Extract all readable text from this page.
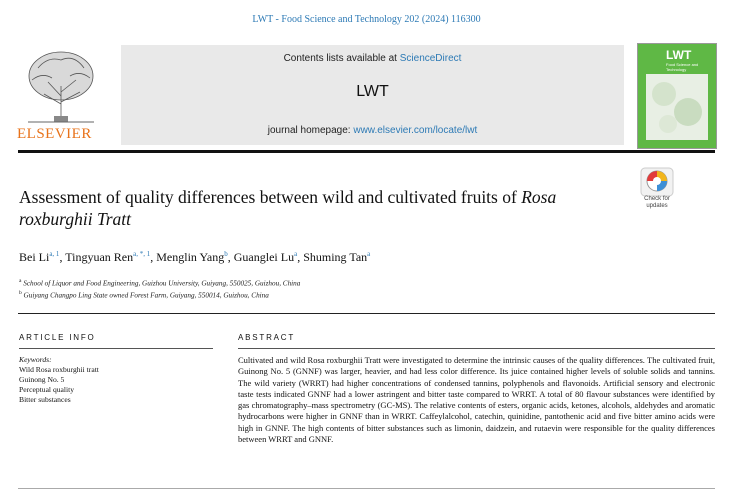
LWT - Food Science and Technology 202 (2024) 116300
ELSEVIER
Contents lists available at ScienceDirect
LWT
journal homepage: www.elsevier.com/locate/lwt
LWT
Food Science and Technology
Assessment of quality differences between wild and cultivated fruits of Rosa roxburghii Tratt
Check for
updates
Bei Li$^{a, 1}$, Tingyuan Ren$^{a, *, 1}$, Menglin Yang$^b$, Guanglei Lu$^a$, Shuming Tan$^a$
$^a$ School of Liquor and Food Engineering, Guizhou University, Guiyang, 550025, Guizhou, China
$^b$ Guiyang Changpo Ling State owned Forest Farm, Guiyang, 550014, Guizhou, China
ARTICLE INFO
Keywords:
Wild Rosa roxburghii tratt
Guinong No. 5
Perceptual quality
Bitter substances
ABSTRACT
Cultivated and wild Rosa roxburghii Tratt were investigated to determine the intrinsic causes of the quality differences. The cultivated fruit, Guinong No. 5 (GNNF) was larger, heavier, and had less color difference. Its juice contained higher levels of soluble solids and tannins. The wild variety (WRRT) had higher concentrations of condensed tannins, polyphenols and flavonoids. Artificial sensory and electronic taste tests indicated GNNF had a lower astringent and bitter taste compared to WRRT. A total of 80 flavour substances were identified by gas chromatography–mass spectrometry (GC-MS). The relative contents of esters, organic acids, ketones, alcohols, aldehydes and aromatic hydrocarbons were higher in GNNF than in WRRT. Caffeylalcohol, catechin, quinidine, pantothenic acid and five bitter amino acids were high in GNNF. The high contents of bitter substances such as limonin, daidzein, and rutaevin were responsible for the quality differences between WRRT and GNNF.
